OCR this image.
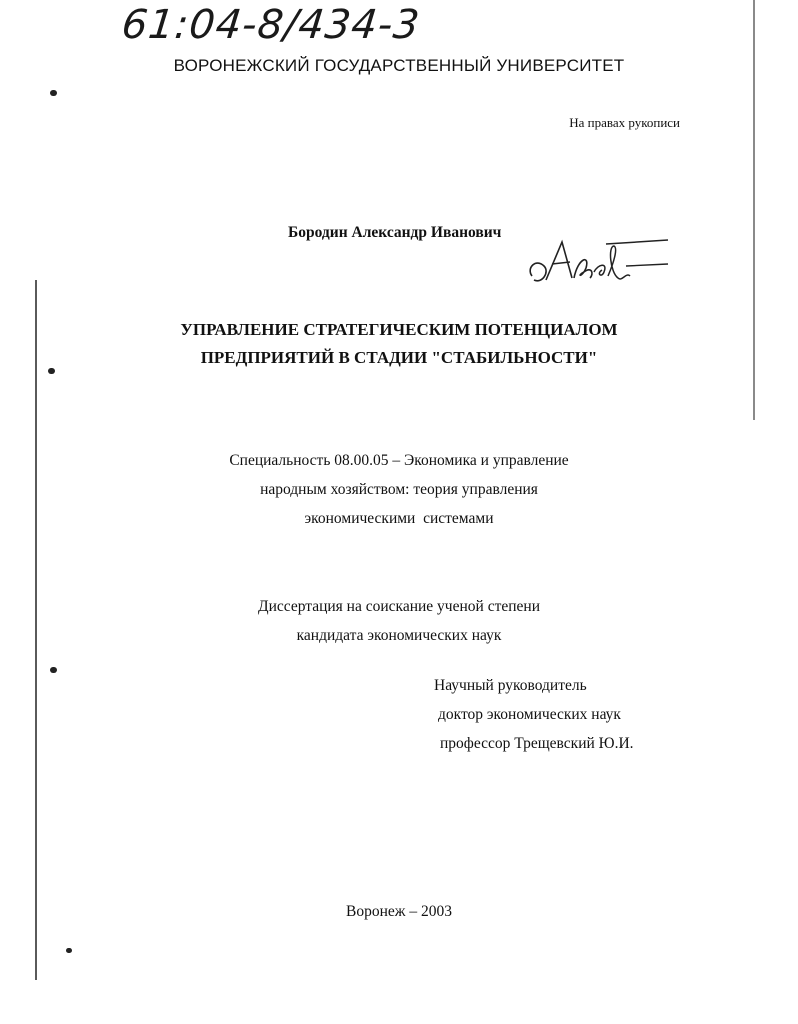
61:04-8/434-3
ВОРОНЕЖСКИЙ ГОСУДАРСТВЕННЫЙ УНИВЕРСИТЕТ
На правах рукописи
Бородин Александр Иванович
УПРАВЛЕНИЕ СТРАТЕГИЧЕСКИМ ПОТЕНЦИАЛОМ
ПРЕДПРИЯТИЙ В СТАДИИ "СТАБИЛЬНОСТИ"
Специальность 08.00.05 – Экономика и управление
народным хозяйством: теория управления
экономическими  системами
Диссертация на соискание ученой степени
кандидата экономических наук
Научный руководитель
доктор экономических наук
профессор Трещевский Ю.И.
Воронеж – 2003
